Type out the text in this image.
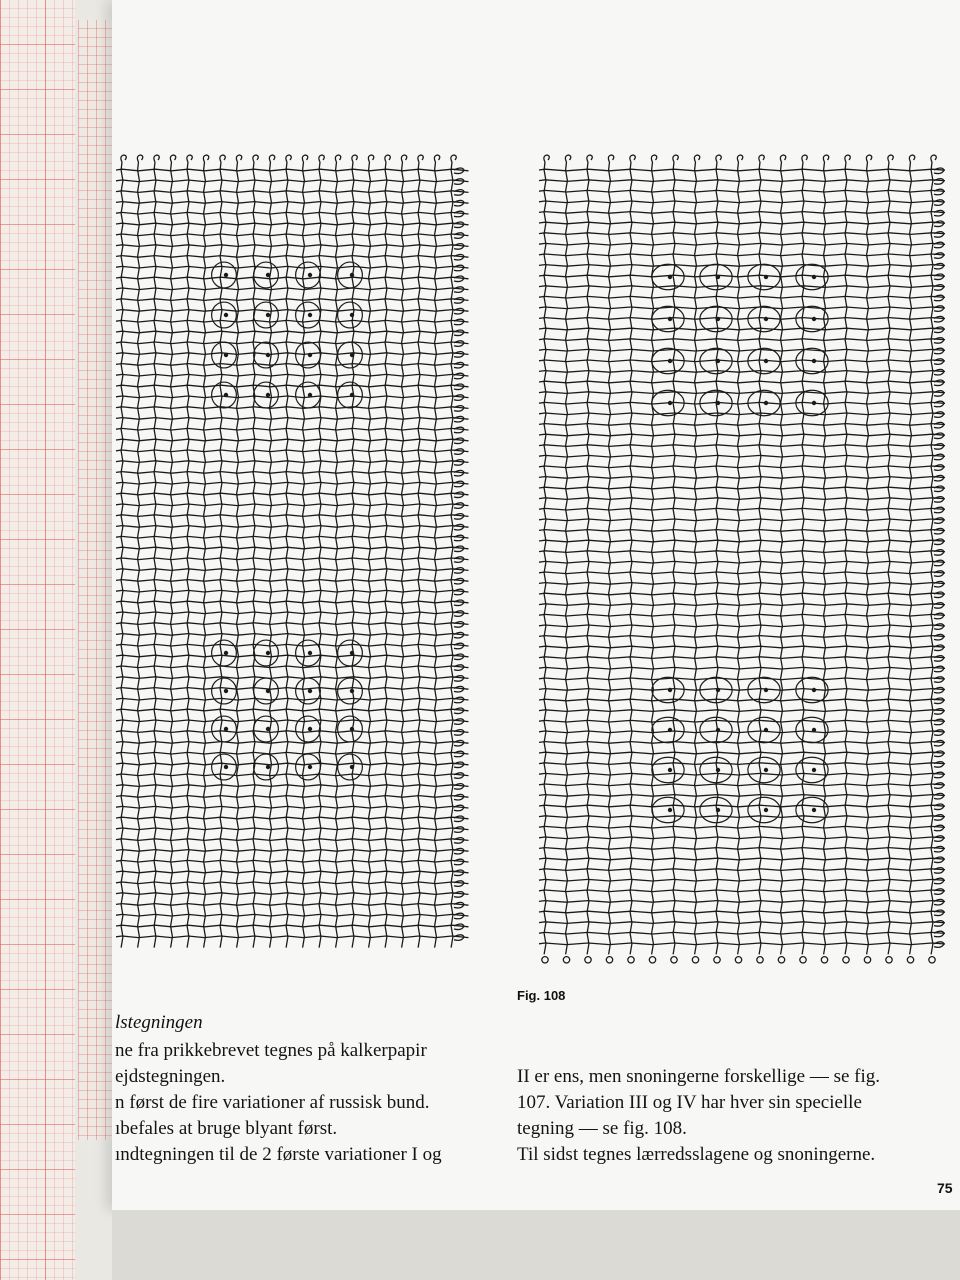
Fig. 108
lstegningen
ne fra prikkebrevet tegnes på kalkerpapir
ejdstegningen.
n først de fire variationer af russisk bund.
ıbefales at bruge blyant først.
ındtegningen til de 2 første variationer I og
II er ens, men snoningerne forskellige — se fig.
107. Variation III og IV har hver sin specielle
tegning — se fig. 108.
Til sidst tegnes lærredsslagene og snoningerne.
75
